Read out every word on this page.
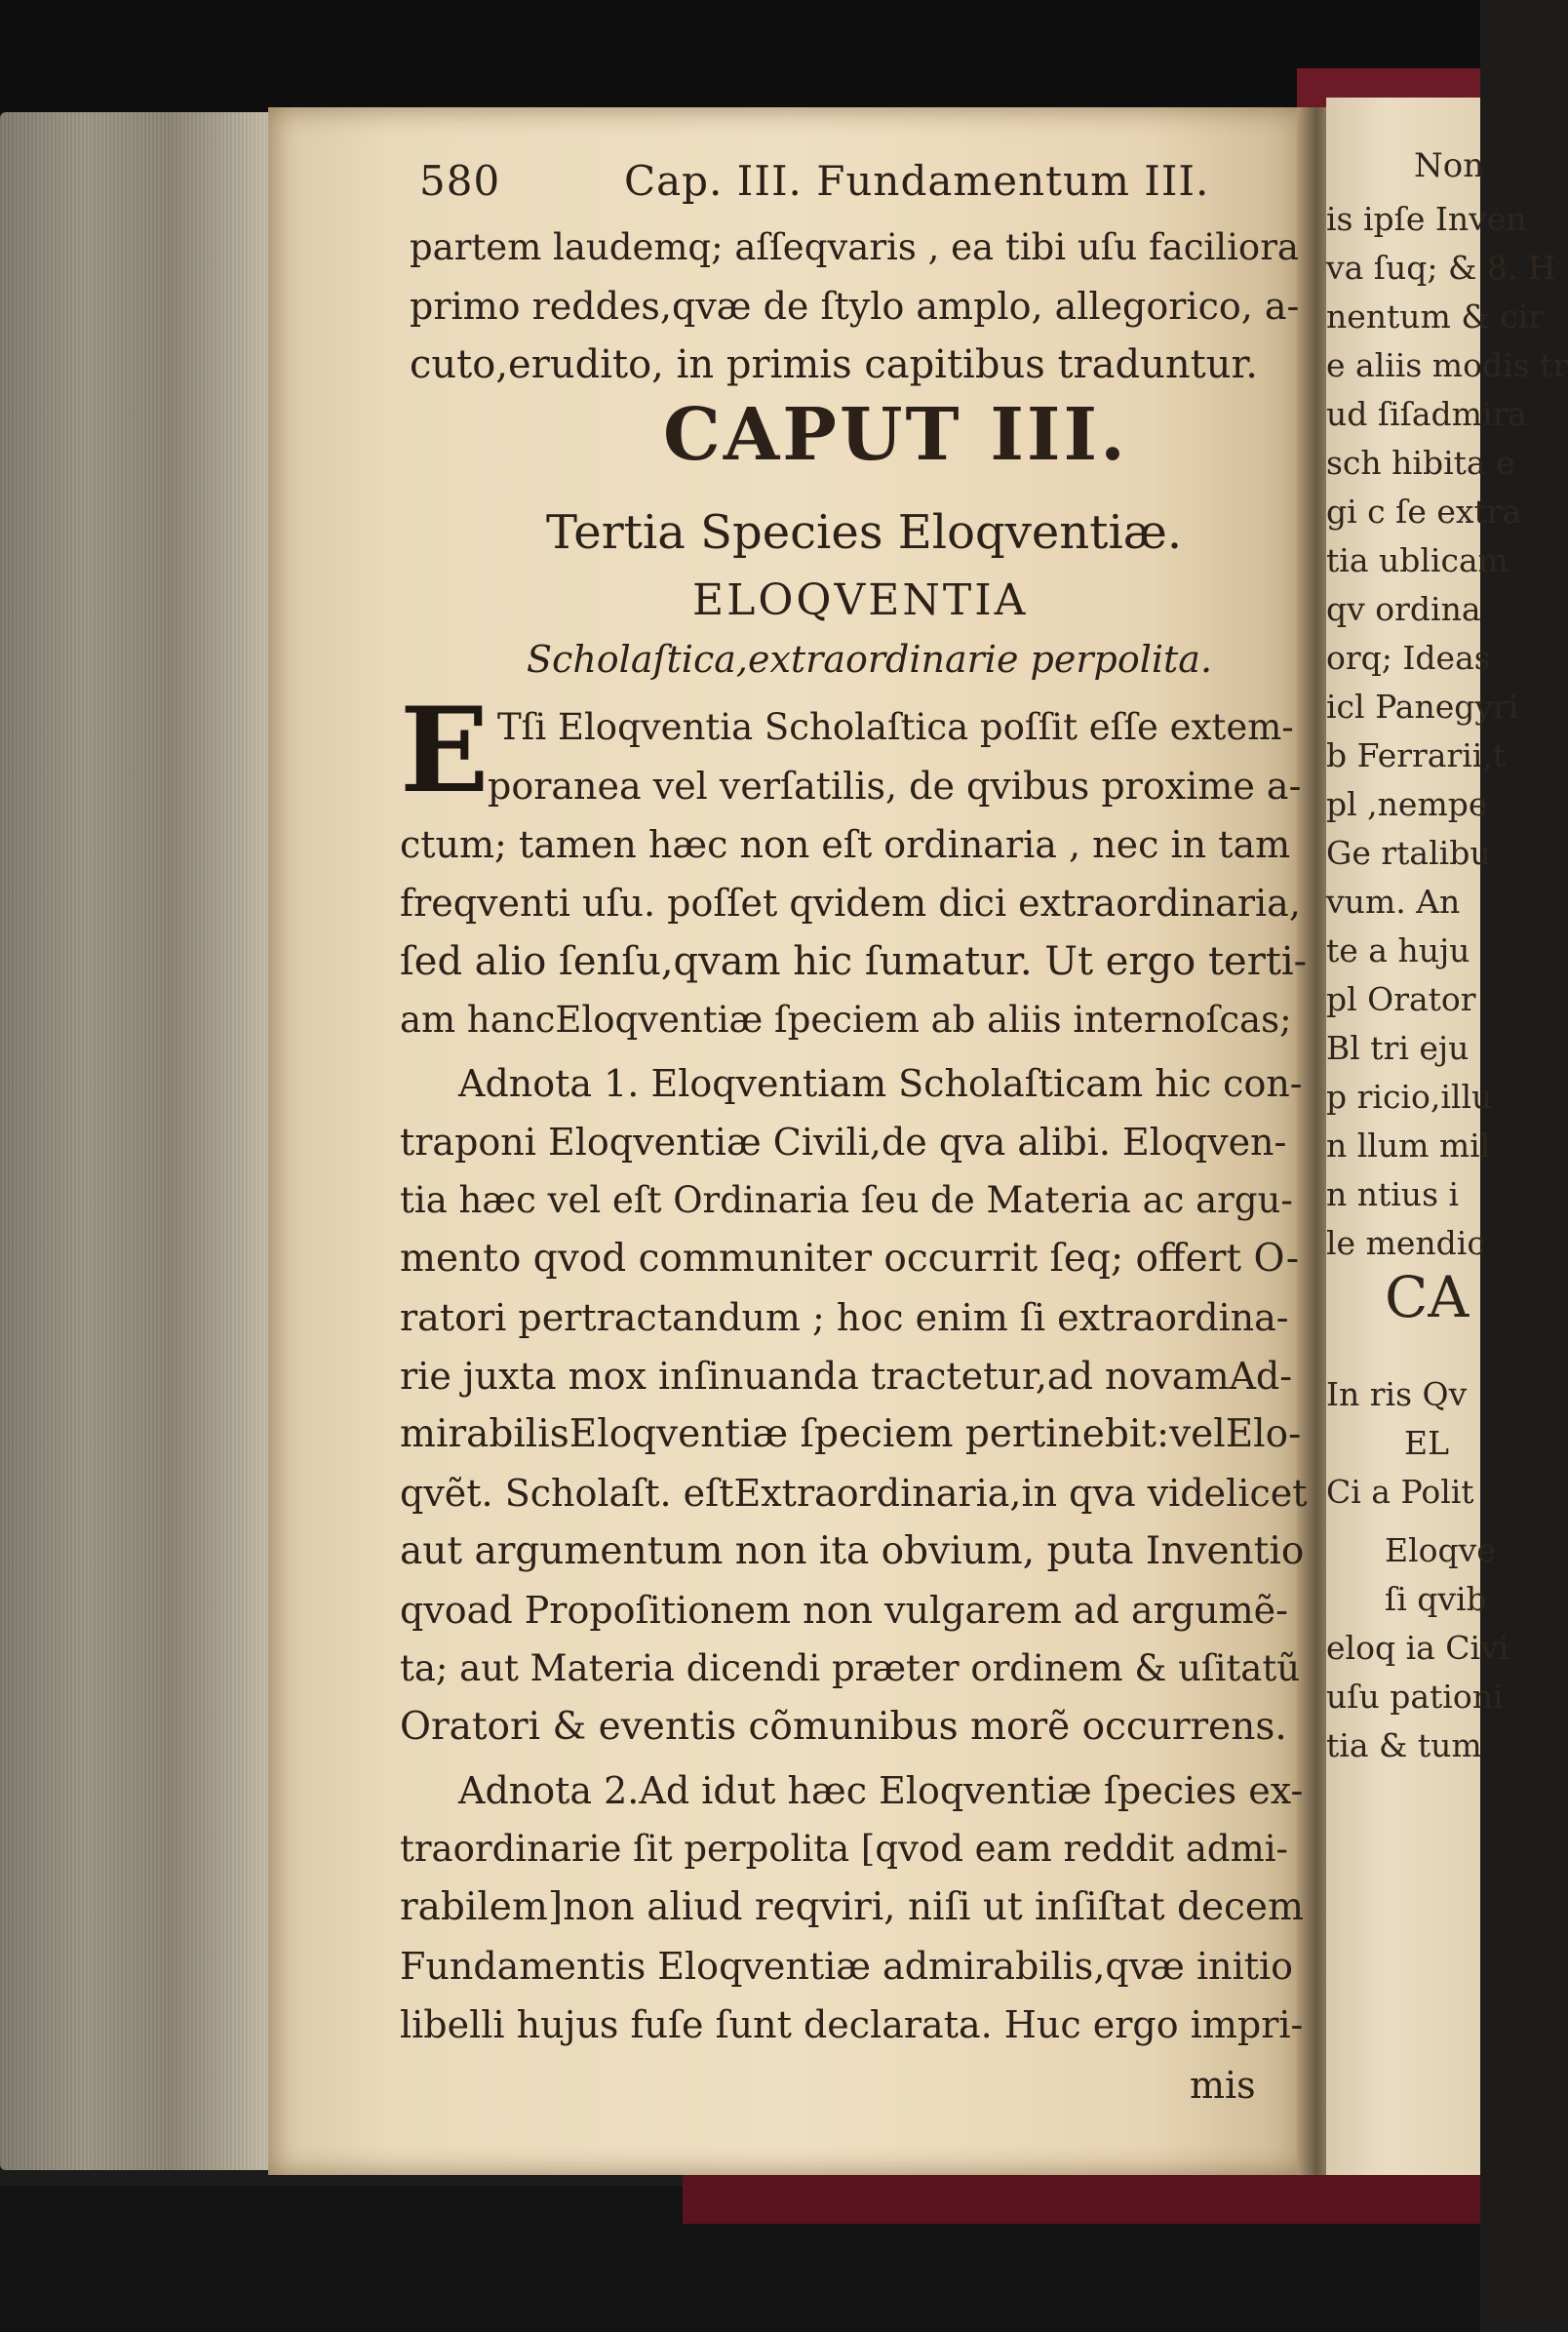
Non
is ipſe Inven
va ſuq; & 8. H
nentum & cir
e aliis modis tr
ud ſiſadmira
sch hibita e
gi c ſe extra
tia ublicam
qv ordina
orq; Ideas
icl Panegyri
b Ferrarii,t
pl ,nempe
Ge rtalibu
vum. An
te a huju
pl Orator
Bl tri eju
p ricio,illu
n llum mil
n ntius i
le mendic
CA
In ris Qv
EL
Ci a Polit
Eloqve
ſi qvib
eloq ia Civi
uſu pationi
tia & tum
580	Cap. III. Fundamentum III.
partem laudemq; aſſeqvaris , ea tibi uſu faciliora
primo reddes,qvæ de ſtylo amplo, allegorico, a-
cuto,erudito, in primis capitibus traduntur.
CAPUT III.
Tertia Species Eloqventiæ.
ELOQVENTIA
Scholaſtica,extraordinarie perpolita.
E Tſi Eloqventia Scholaſtica poſſit eſſe extem-
poranea vel verſatilis, de qvibus proxime a-
ctum; tamen hæc non eſt ordinaria , nec in tam
freqventi uſu. poſſet qvidem dici extraordinaria,
ſed alio ſenſu,qvam hic ſumatur. Ut ergo terti-
am hancEloqventiæ ſpeciem ab aliis internoſcas;
Adnota 1. Eloqventiam Scholaſticam hic con-
traponi Eloqventiæ Civili,de qva alibi. Eloqven-
tia hæc vel eſt Ordinaria ſeu de Materia ac argu-
mento qvod communiter occurrit ſeq; offert O-
ratori pertractandum ; hoc enim ſi extraordina-
rie juxta mox inſinuanda tractetur,ad novamAd-
mirabilisEloqventiæ ſpeciem pertinebit:velElo-
qvẽt. Scholaſt. eſtExtraordinaria,in qva videlicet
aut argumentum non ita obvium, puta Inventio
qvoad Propoſitionem non vulgarem ad argumẽ-
ta; aut Materia dicendi præter ordinem & uſitatũ
Oratori & eventis cõmunibus morẽ occurrens.
Adnota 2.Ad idut hæc Eloqventiæ ſpecies ex-
traordinarie ſit perpolita [qvod eam reddit admi-
rabilem]non aliud reqviri, niſi ut inſiſtat decem
Fundamentis Eloqventiæ admirabilis,qvæ initio
libelli hujus fuſe ſunt declarata. Huc ergo impri-
mis
